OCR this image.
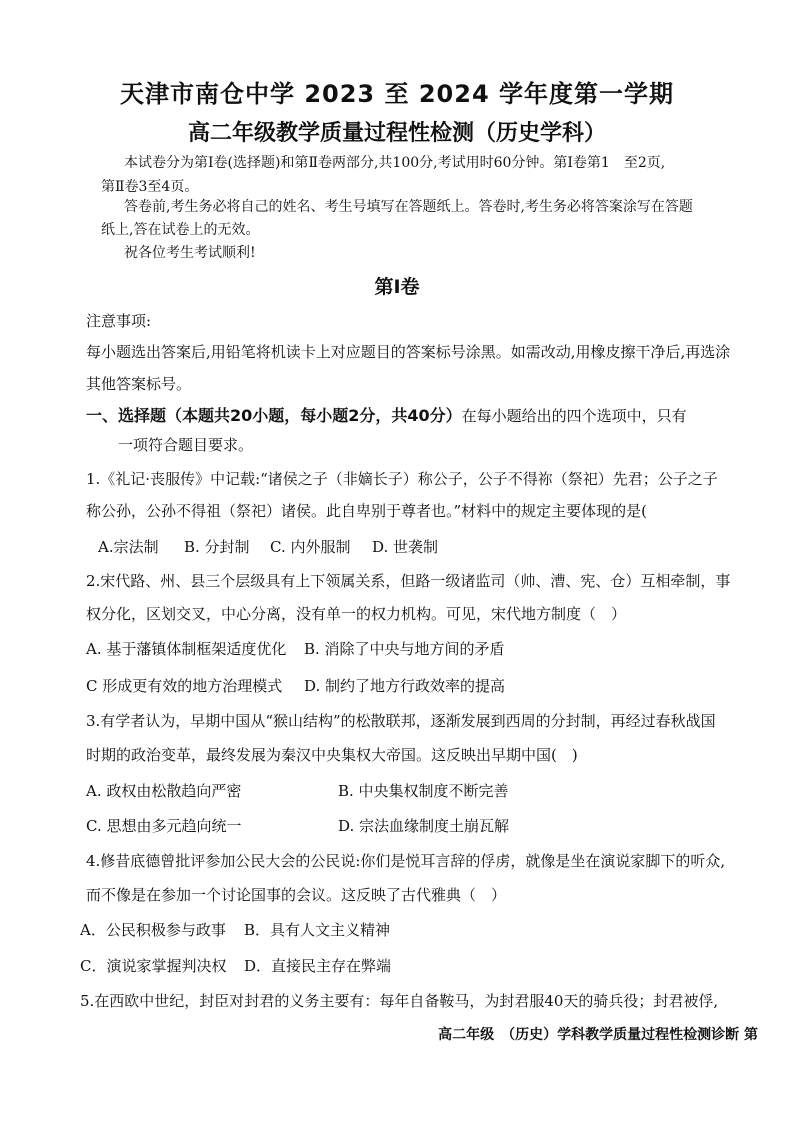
天津市南仓中学 2023 至 2024 学年度第一学期
高二年级教学质量过程性检测（历史学科）
本试卷分为第Ⅰ卷(选择题)和第Ⅱ卷两部分,共100分,考试用时60分钟。第Ⅰ卷第1　至2页,
第Ⅱ卷3至4页。
答卷前,考生务必将自己的姓名、考生号填写在答题纸上。答卷时,考生务必将答案涂写在答题
纸上,答在试卷上的无效。
祝各位考生考试顺利!
第Ⅰ卷
注意事项:
每小题选出答案后,用铅笔将机读卡上对应题目的答案标号涂黑。如需改动,用橡皮擦干净后,再选涂
其他答案标号。
一、选择题（本题共20小题，每小题2分，共40分）在每小题给出的四个选项中，只有
一项符合题目要求。
1.《礼记·丧服传》中记载:“诸侯之子（非嫡长子）称公子，公子不得祢（祭祀）先君；公子之子
称公孙，公孙不得祖（祭祀）诸侯。此自卑别于尊者也。”材料中的规定主要体现的是(
A.宗法制 B. 分封制 C. 内外服制 D. 世袭制
2.宋代路、州、县三个层级具有上下领属关系，但路一级诸监司（帅、漕、宪、仓）互相牵制，事
权分化，区划交叉，中心分离，没有单一的权力机构。可见，宋代地方制度（　）
A. 基于藩镇体制框架适度优化 B. 消除了中央与地方间的矛盾
C 形成更有效的地方治理模式 D. 制约了地方行政效率的提高
3.有学者认为，早期中国从“猴山结构”的松散联邦，逐渐发展到西周的分封制，再经过春秋战国
时期的政治变革，最终发展为秦汉中央集权大帝国。这反映出早期中国(　)
A. 政权由松散趋向严密	B. 中央集权制度不断完善
C. 思想由多元趋向统一	D. 宗法血缘制度土崩瓦解
4.修昔底德曾批评参加公民大会的公民说:你们是悦耳言辞的俘虏，就像是坐在演说家脚下的听众,
而不像是在参加一个讨论国事的会议。这反映了古代雅典（　）
A．公民积极参与政事 B．具有人文主义精神
C．演说家掌握判决权 D．直接民主存在弊端
5.在西欧中世纪，封臣对封君的义务主要有：每年自备鞍马，为封君服40天的骑兵役；封君被俘,
高二年级　（历史）学科教学质量过程性检测诊断 第
